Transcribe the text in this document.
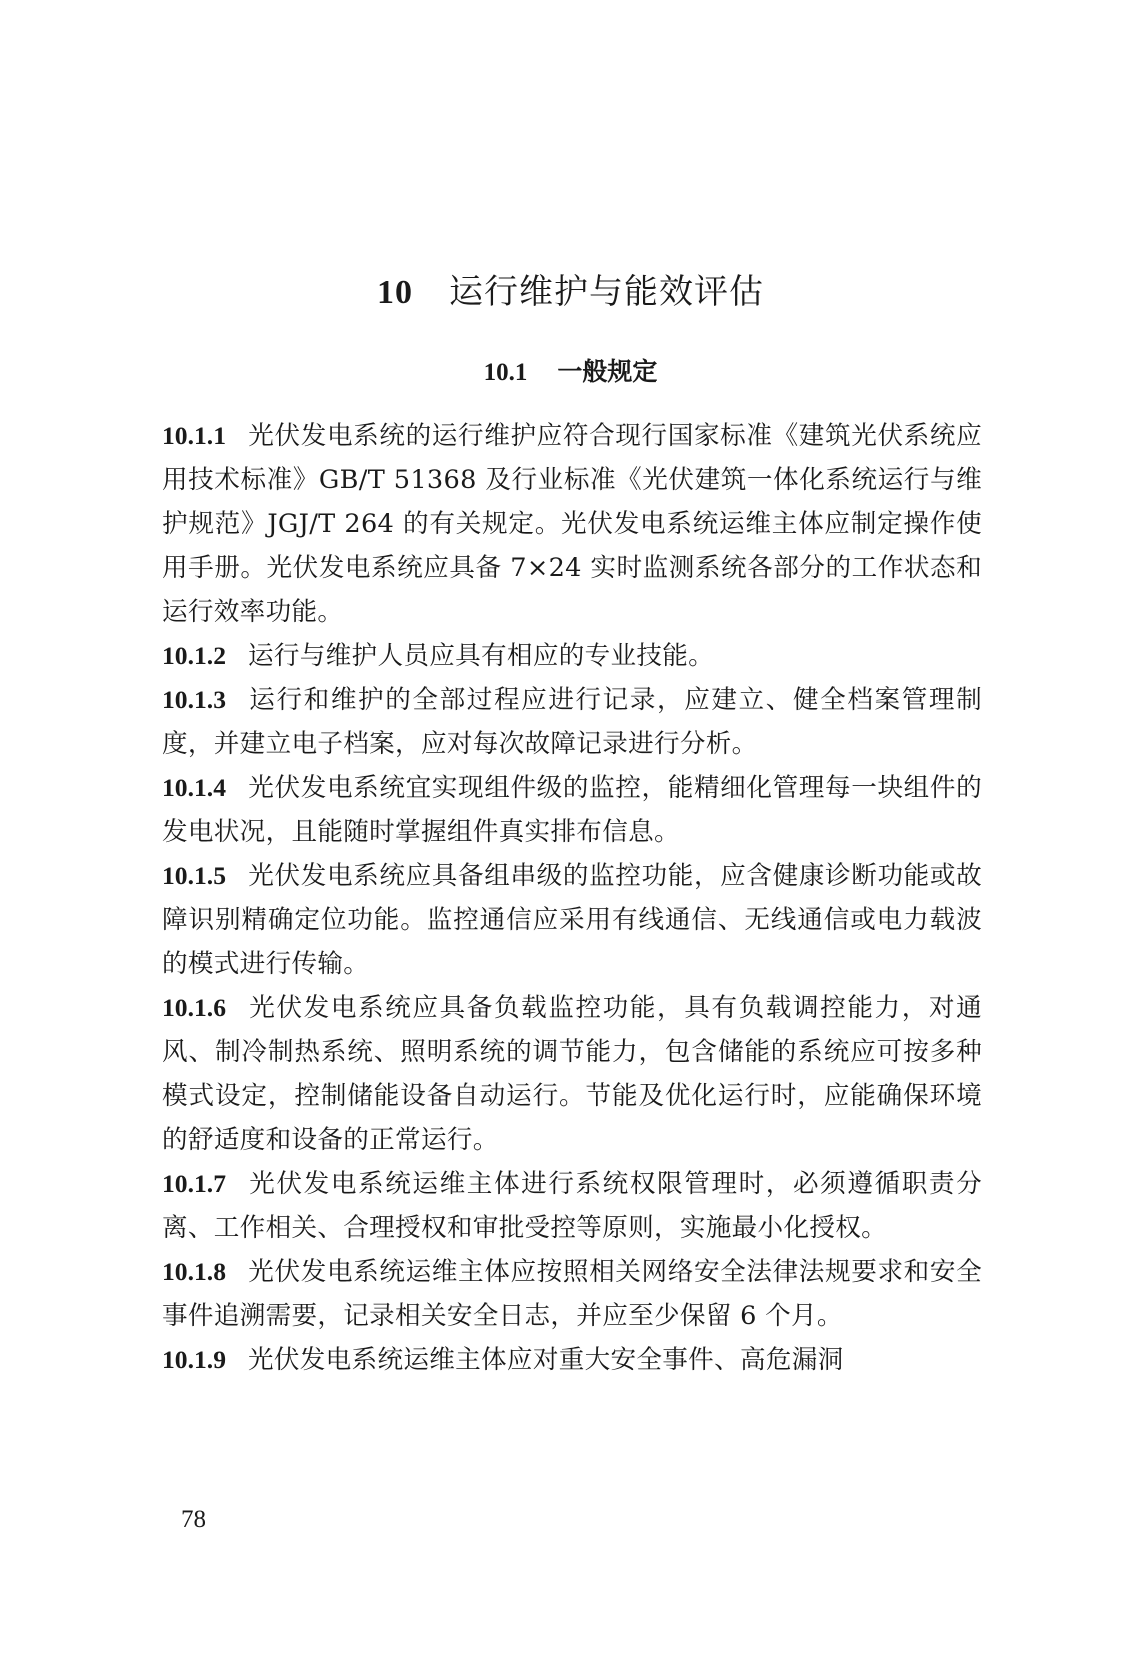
10 运行维护与能效评估
10.1 一般规定

10.1.1 光伏发电系统的运行维护应符合现行国家标准《建筑光伏系统应用技术标准》GB/T 51368 及行业标准《光伏建筑一体化系统运行与维护规范》JGJ/T 264 的有关规定。光伏发电系统运维主体应制定操作使用手册。光伏发电系统应具备 7×24 实时监测系统各部分的工作状态和运行效率功能。

10.1.2 运行与维护人员应具有相应的专业技能。

10.1.3 运行和维护的全部过程应进行记录，应建立、健全档案管理制度，并建立电子档案，应对每次故障记录进行分析。

10.1.4 光伏发电系统宜实现组件级的监控，能精细化管理每一块组件的发电状况，且能随时掌握组件真实排布信息。

10.1.5 光伏发电系统应具备组串级的监控功能，应含健康诊断功能或故障识别精确定位功能。监控通信应采用有线通信、无线通信或电力载波的模式进行传输。

10.1.6 光伏发电系统应具备负载监控功能，具有负载调控能力，对通风、制冷制热系统、照明系统的调节能力，包含储能的系统应可按多种模式设定，控制储能设备自动运行。节能及优化运行时，应能确保环境的舒适度和设备的正常运行。

10.1.7 光伏发电系统运维主体进行系统权限管理时，必须遵循职责分离、工作相关、合理授权和审批受控等原则，实施最小化授权。

10.1.8 光伏发电系统运维主体应按照相关网络安全法律法规要求和安全事件追溯需要，记录相关安全日志，并应至少保留 6 个月。

10.1.9 光伏发电系统运维主体应对重大安全事件、高危漏洞

78
